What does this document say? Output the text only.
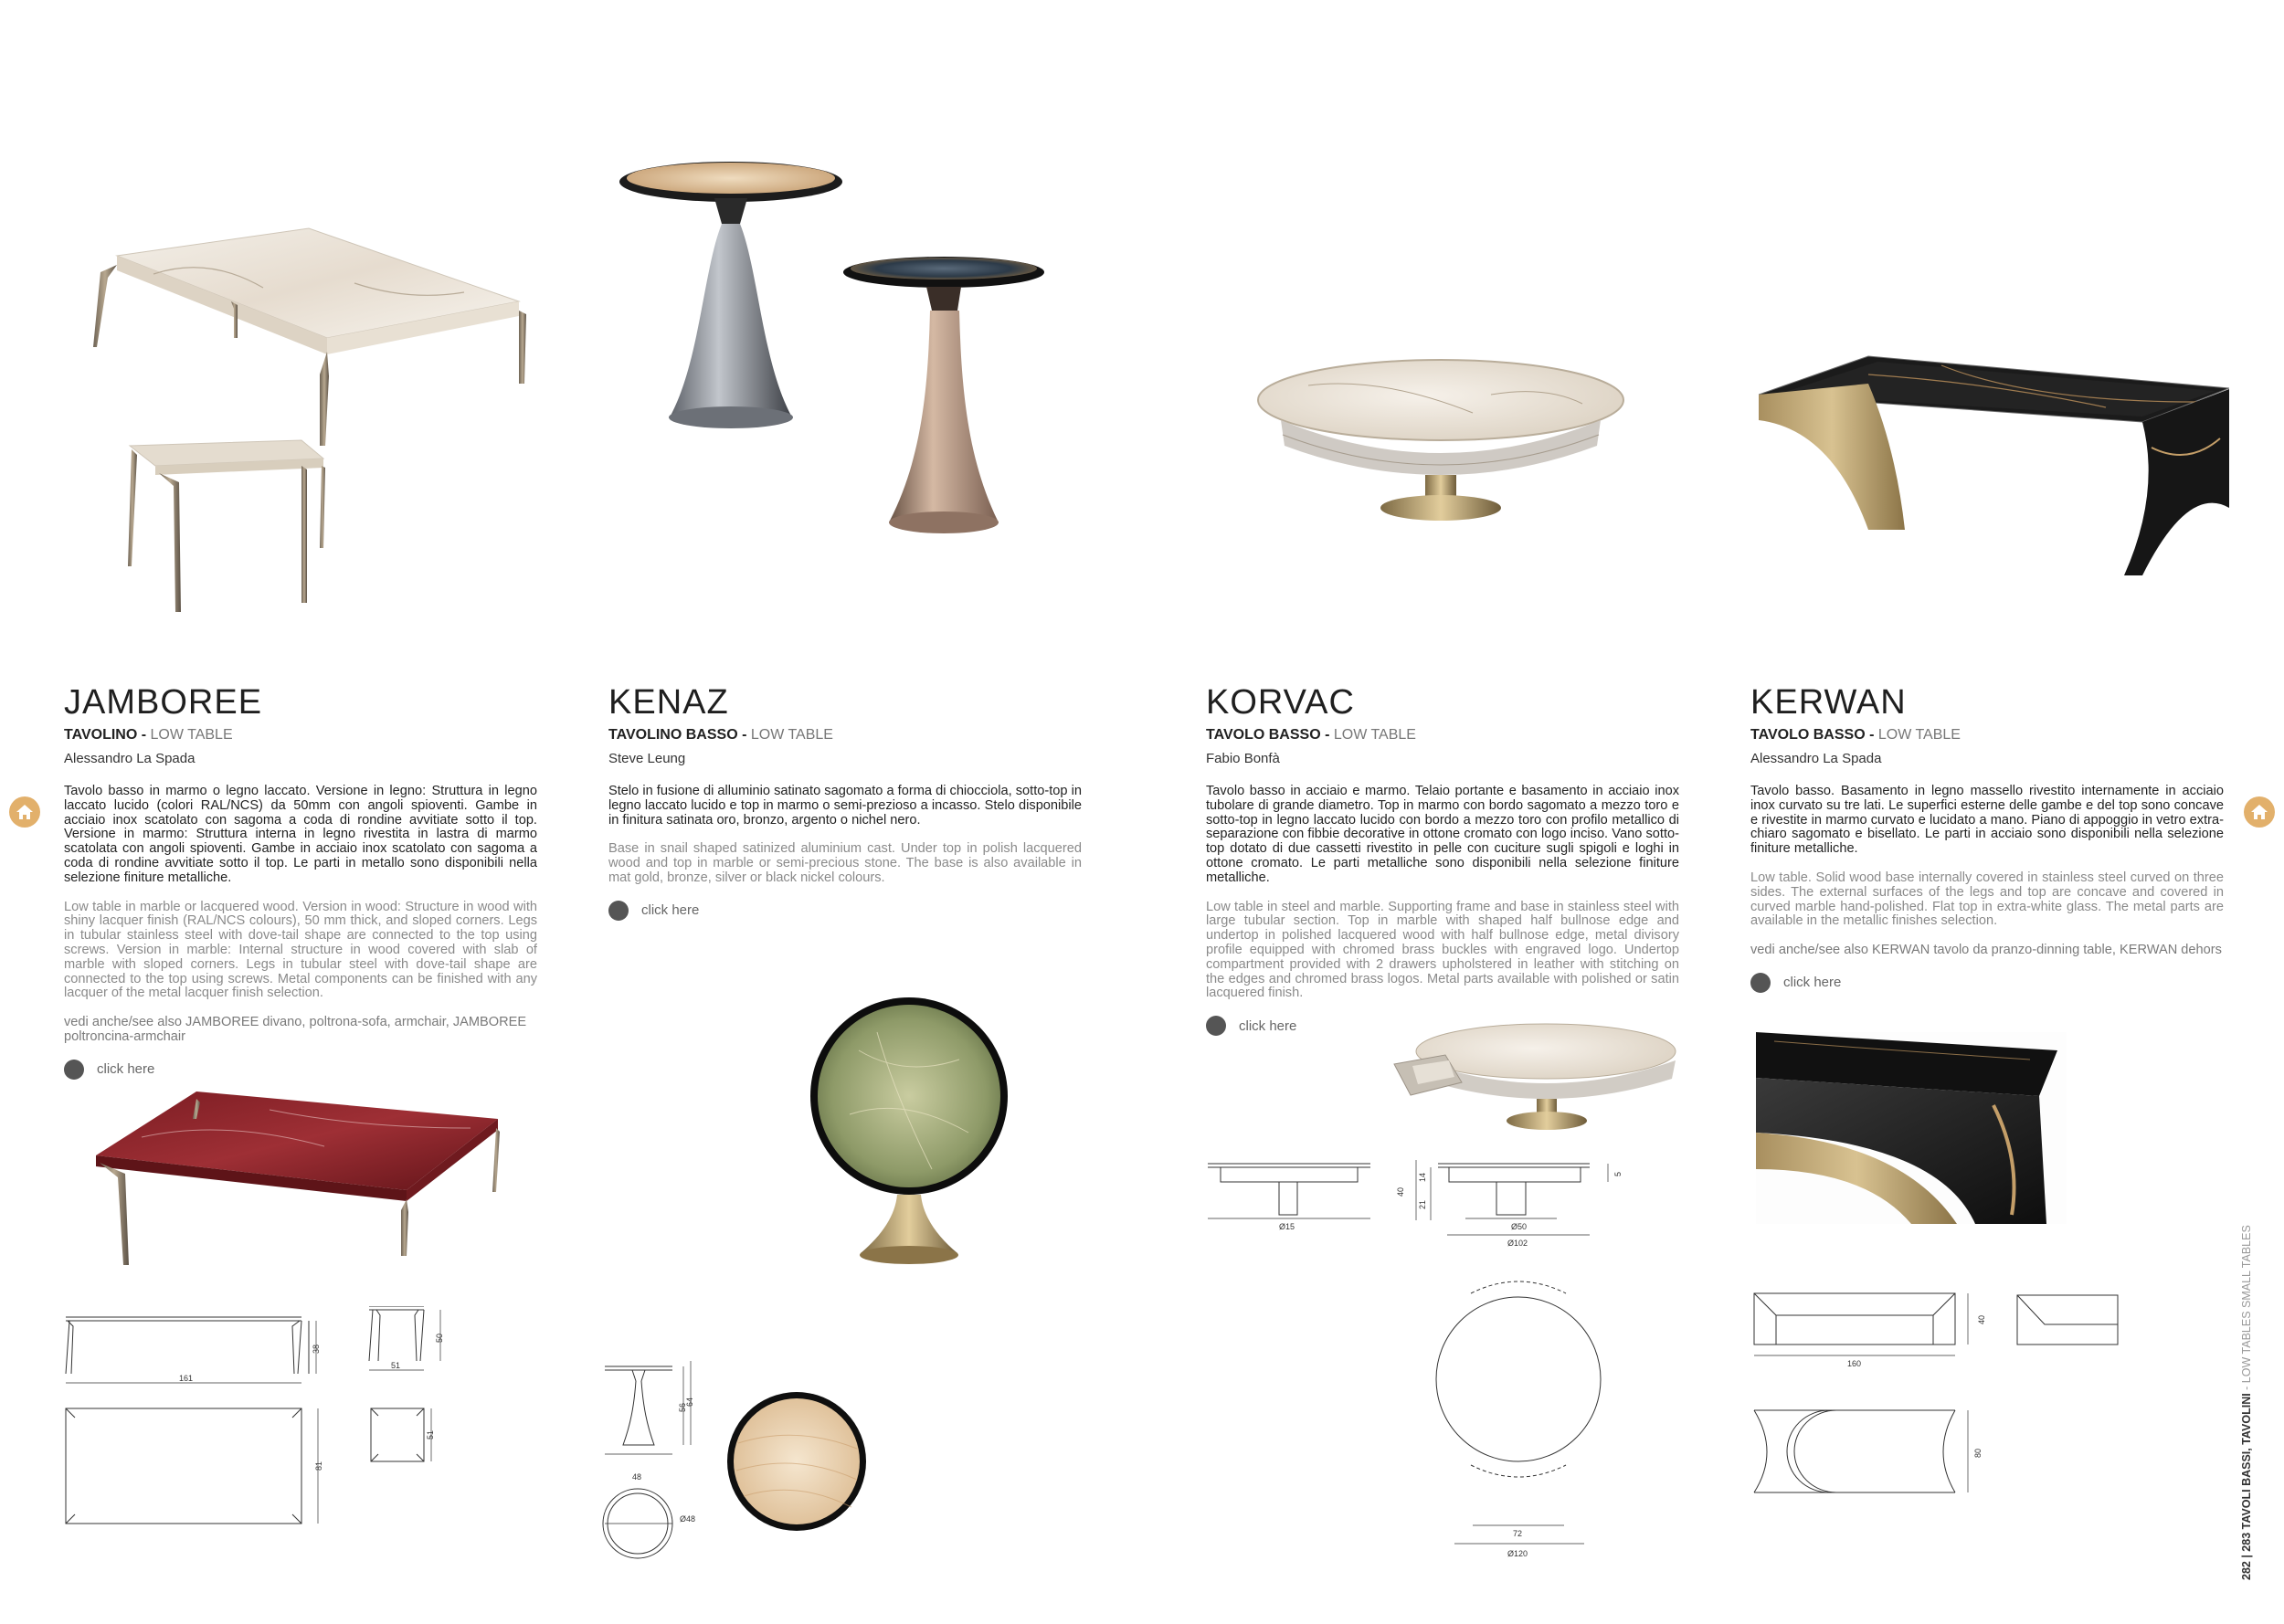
282 | 283 TAVOLI BASSI, TAVOLINI - LOW TABLES SMALL TABLES
161
38
51
50
81
51
48
56
64
Ø48
Ø15
40
21
14	5
Ø50
Ø102
72
Ø120
160
40
80
JAMBOREE
TAVOLINO - LOW TABLE
Alessandro La Spada
Tavolo basso in marmo o legno laccato. Versione in legno: Struttura in legno laccato lucido (colori RAL/NCS) da 50mm con angoli spioventi. Gambe in acciaio inox scatolato con sagoma a coda di rondine avvitiate sotto il top. Versione in marmo: Struttura interna in legno rivestita in lastra di marmo scatolata con angoli spioventi. Gambe in acciaio inox scatolato con sagoma a coda di rondine avvitiate sotto il top. Le parti in metallo sono disponibili nella selezione finiture metalliche.
Low table in marble or lacquered wood. Version in wood: Structure in wood with shiny lacquer finish (RAL/NCS colours), 50 mm thick, and sloped corners. Legs in tubular stainless steel with dove-tail shape are connected to the top using screws. Version in marble: Internal structure in wood covered with slab of marble with sloped corners. Legs in tubular steel with dove-tail shape are connected to the top using screws. Metal components can be finished with any lacquer of the metal lacquer finish selection.
vedi anche/see also JAMBOREE divano, poltrona-sofa, armchair, JAMBOREE poltroncina-armchair
click here
KENAZ
TAVOLINO BASSO - LOW TABLE
Steve Leung
Stelo in fusione di alluminio satinato sagomato a forma di chiocciola, sotto-top in legno laccato lucido e top in marmo o semi-prezioso a incasso. Stelo disponibile in finitura satinata oro, bronzo, argento o nichel nero.
Base in snail shaped satinized aluminium cast. Under top in polish lacquered wood and top in marble or semi-precious stone. The base is also available in mat gold, bronze, silver or black nickel colours.
click here
KORVAC
TAVOLO BASSO - LOW TABLE
Fabio Bonfà
Tavolo basso in acciaio e marmo. Telaio portante e basamento in acciaio inox tubolare di grande diametro. Top in marmo con bordo sagomato a mezzo toro e sotto-top in legno laccato lucido con bordo a mezzo toro con profilo metallico di separazione con fibbie decorative in ottone cromato con logo inciso. Vano sotto-top dotato di due cassetti rivestito in pelle con cuciture sugli spigoli e loghi in ottone cromato. Le parti metalliche sono disponibili nella selezione finiture metalliche.
Low table in steel and marble. Supporting frame and base in stainless steel with large tubular section. Top in marble with shaped half bullnose edge and undertop in polished lacquered wood with half bullnose edge, metal divisory profile equipped with chromed brass buckles with engraved logo. Undertop compartment provided with 2 drawers upholstered in leather with stitching on the edges and chromed brass logos. Metal parts available with polished or satin lacquered finish.
click here
KERWAN
TAVOLO BASSO - LOW TABLE
Alessandro La Spada
Tavolo basso. Basamento in legno massello rivestito internamente in acciaio inox curvato su tre lati. Le superfici esterne delle gambe e del top sono concave e rivestite in marmo curvato e lucidato a mano. Piano di appoggio in vetro extra-chiaro sagomato e bisellato. Le parti in acciaio sono disponibili nella selezione finiture metalliche.
Low table. Solid wood base internally covered in stainless steel curved on three sides. The external surfaces of the legs and top are concave and covered in curved marble hand-polished. Flat top in extra-white glass. The metal parts are available in the metallic finishes selection.
vedi anche/see also KERWAN tavolo da pranzo-dinning table, KERWAN dehors
click here
